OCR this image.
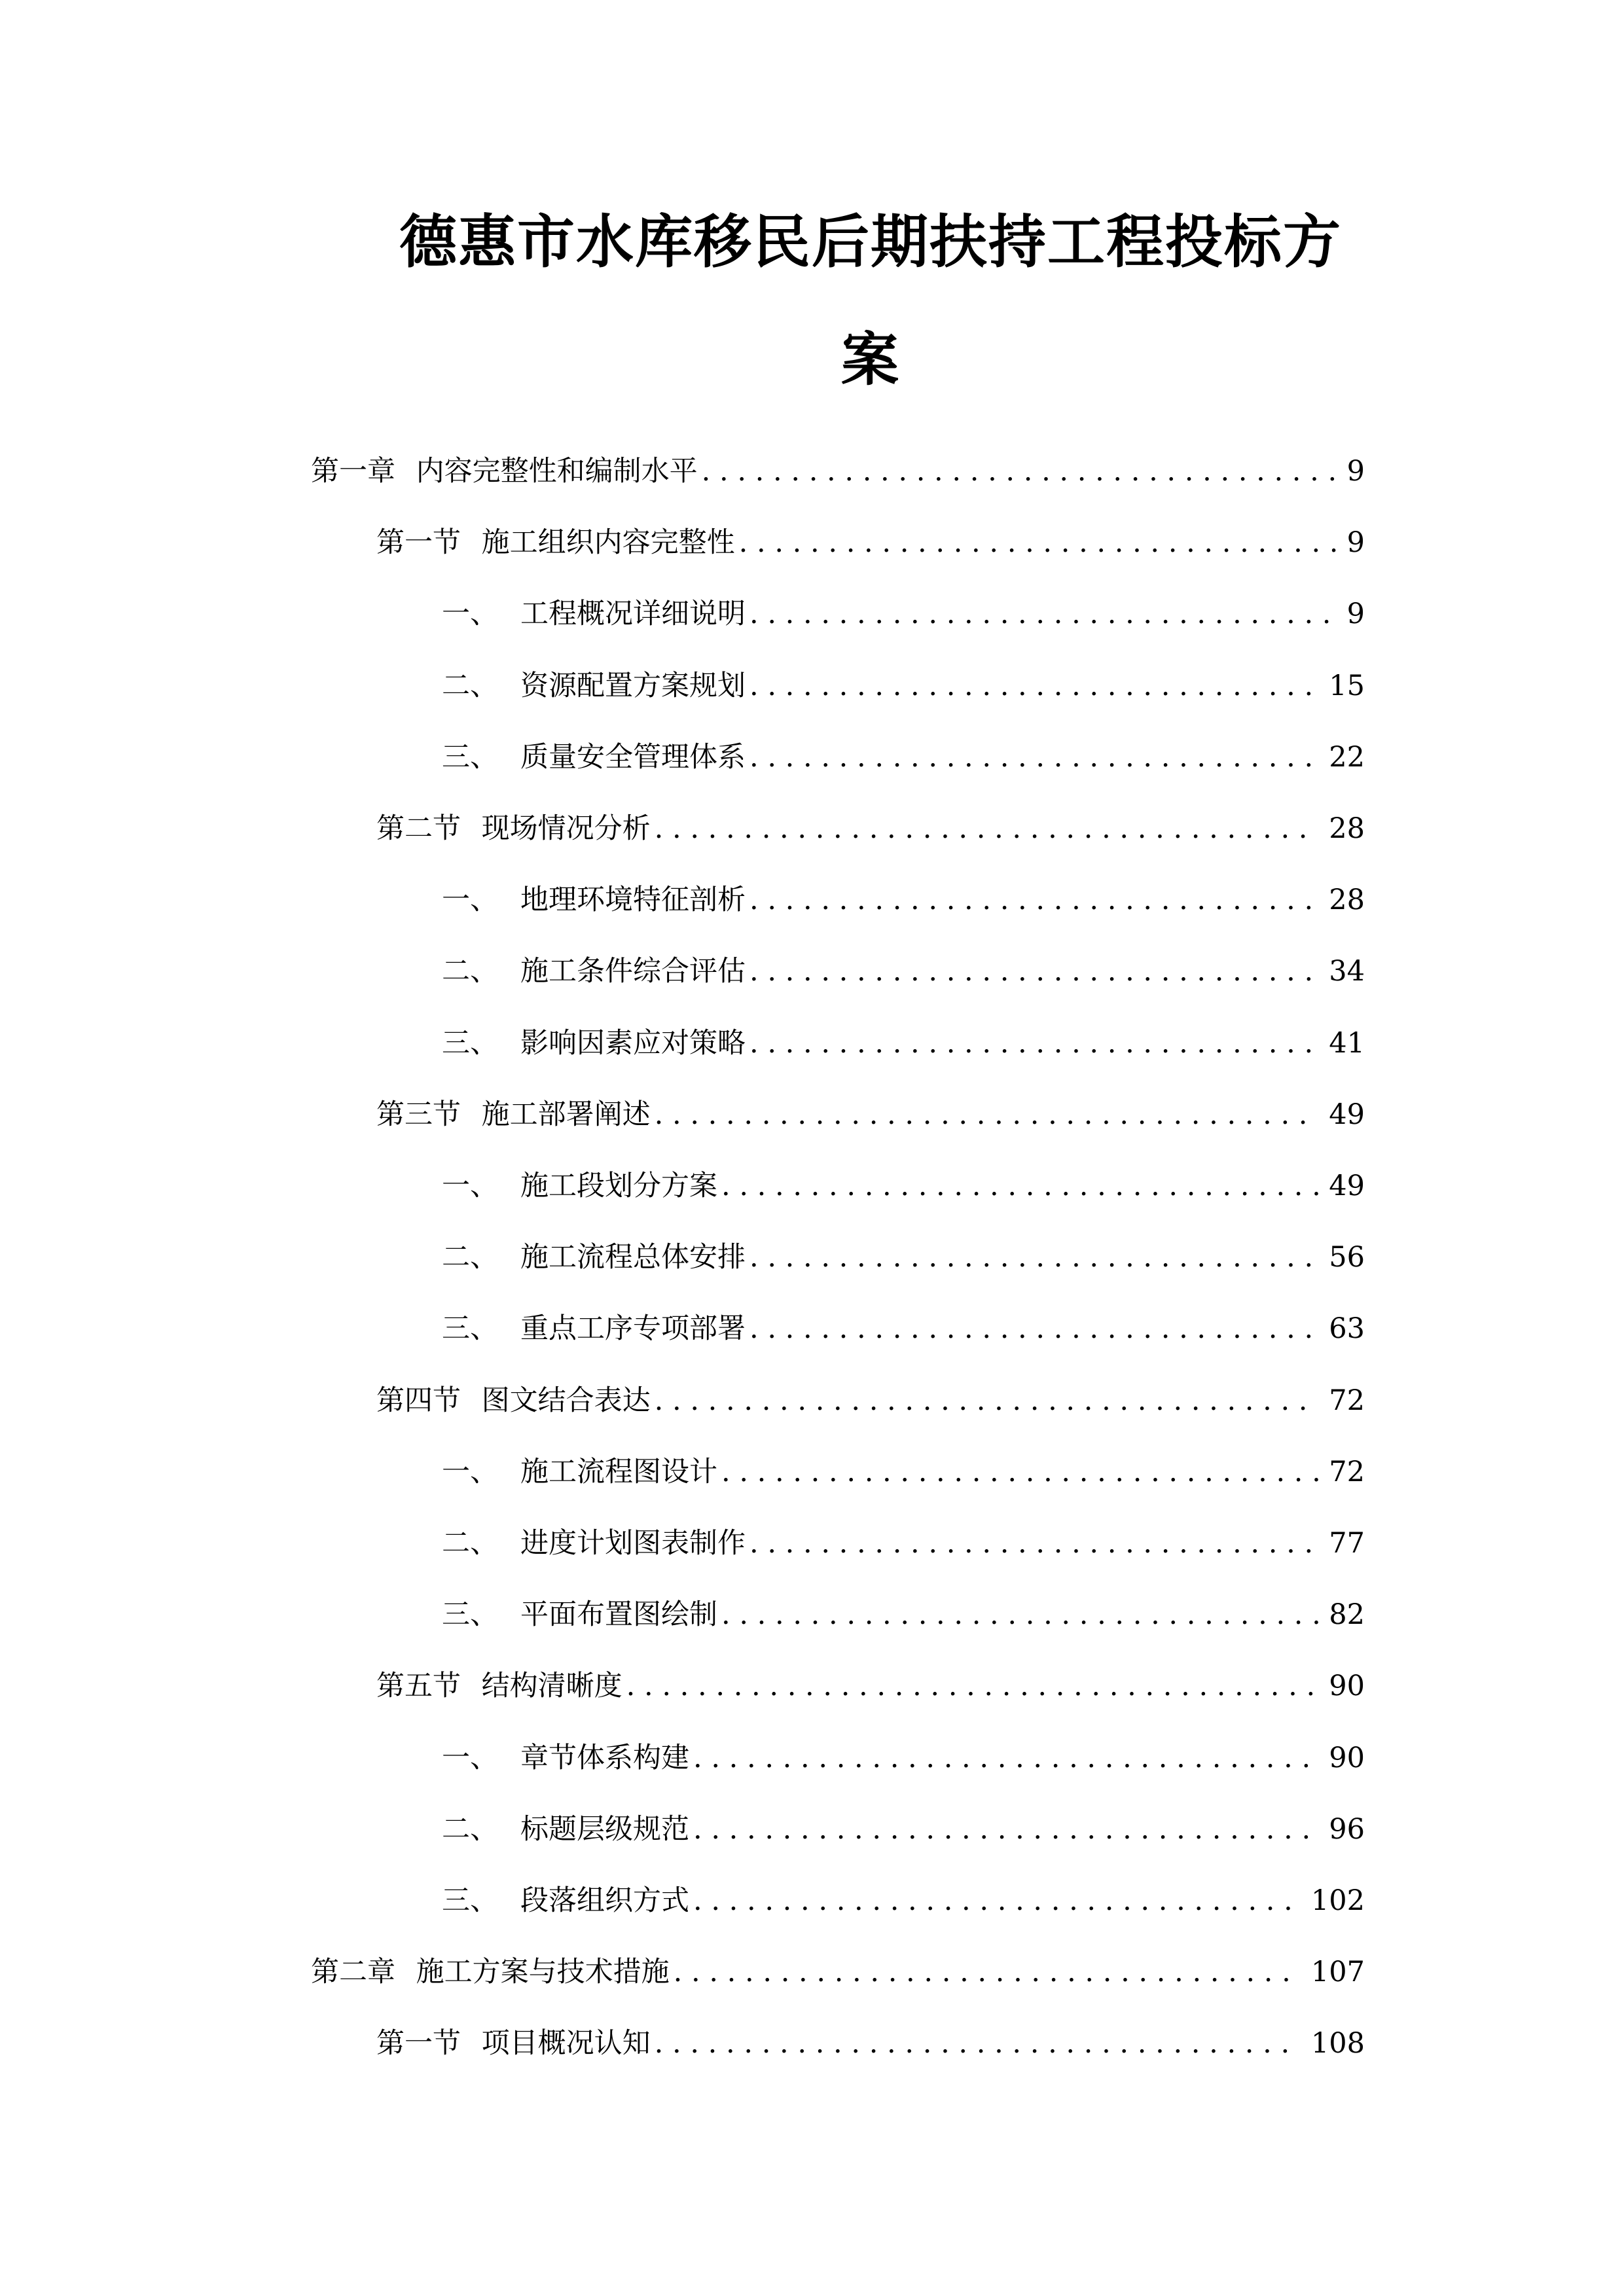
德惠市水库移民后期扶持工程投标方
案
第一章 内容完整性和编制水平 . . .	9
第一节 施工组织内容完整性 . . .	9
一、 工程概况详细说明 . . .	9
二、 资源配置方案规划 . . .	15
三、 质量安全管理体系 . . .	22
第二节 现场情况分析 . . .	28
一、 地理环境特征剖析 . . .	28
二、 施工条件综合评估 . . .	34
三、 影响因素应对策略 . . .	41
第三节 施工部署阐述 . . .	49
一、 施工段划分方案 . . .	49
二、 施工流程总体安排 . . .	56
三、 重点工序专项部署 . . .	63
第四节 图文结合表达 . . .	72
一、 施工流程图设计 . . .	72
二、 进度计划图表制作 . . .	77
三、 平面布置图绘制 . . .	82
第五节 结构清晰度 . . .	90
一、 章节体系构建 . . .	90
二、 标题层级规范 . . .	96
三、 段落组织方式 . . .	102
第二章 施工方案与技术措施 . . .	107
第一节 项目概况认知 . . .	108
